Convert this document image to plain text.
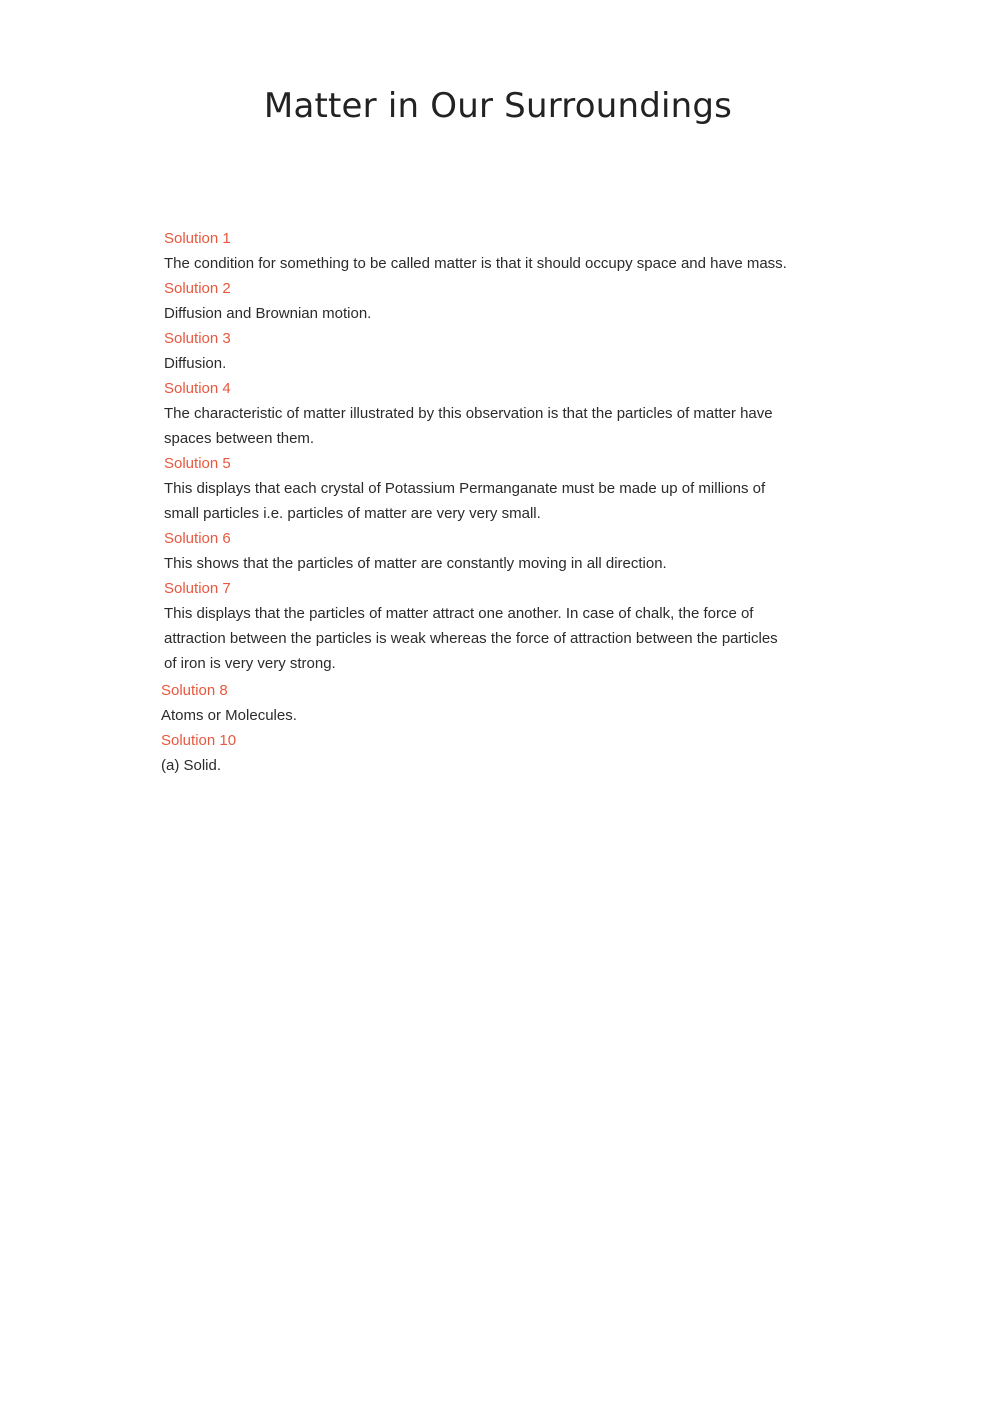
Matter in Our Surroundings

Solution 1

The condition for something to be called matter is that it should occupy space and have mass.

Solution 2

Diffusion and Brownian motion.

Solution 3

Diffusion.

Solution 4

The characteristic of matter illustrated by this observation is that the particles of matter have spaces between them.

Solution 5

This displays that each crystal of Potassium Permanganate must be made up of millions of small particles i.e. particles of matter are very very small.

Solution 6

This shows that the particles of matter are constantly moving in all direction.

Solution 7

This displays that the particles of matter attract one another. In case of chalk, the force of attraction between the particles is weak whereas the force of attraction between the particles of iron is very very strong.

Solution 8

Atoms or Molecules.

Solution 10

(a) Solid.
